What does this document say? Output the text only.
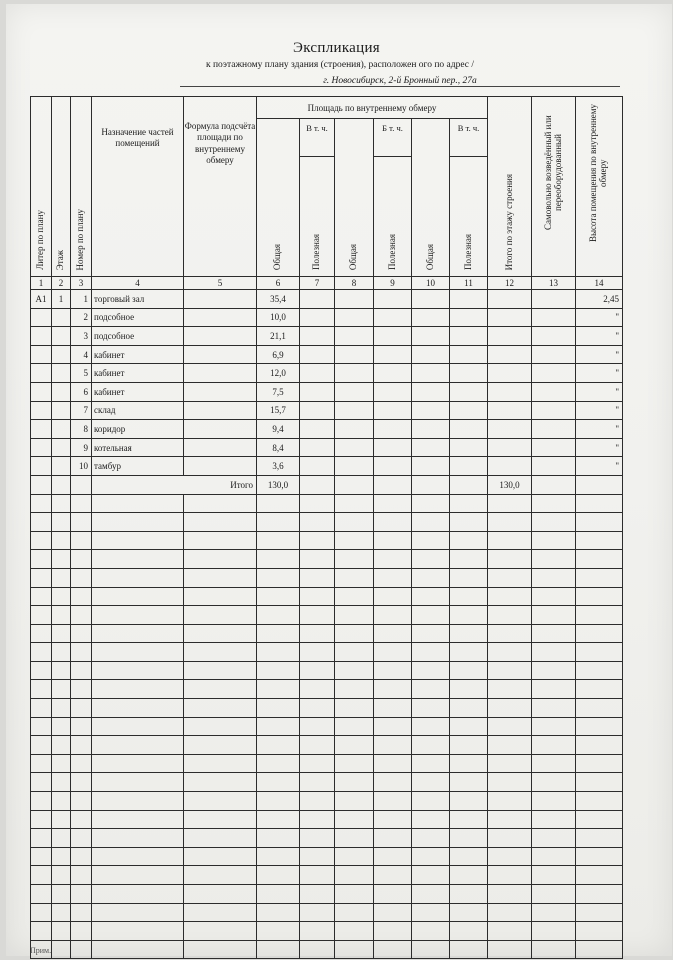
Экспликация
к поэтажному плану здания (строения), расположен ого по адрес /
г. Новосибирск, 2-й Бронный пер., 27а
Литер по плану	Этаж	Номер по плану	Назначение частей помещений	Формула подсчёта площади по внутреннему обмеру	Площадь по внутреннему обмеру						Итого по этажу строения	Самовольно возведённый или переоборудованный	Высота помещения по внутреннему обмеру
					Общая	В т. ч.	Общая	Б т. ч.	Общая	В т. ч.			
						Полезная		Полезная		Полезная			
1	2	3	4	5	6	7	8	9	10	11	12	13	14
А1	1	1	торговый зал		35,4								2,45
		2	подсобное		10,0								"
		3	подсобное		21,1								"
		4	кабинет		6,9								"
		5	кабинет		12,0								"
		6	кабинет		7,5								"
		7	склад		15,7								"
		8	коридор		9,4								"
		9	котельная		8,4								"
		10	тамбур		3,6								"
			Итого		130,0						130,0		

Прим.
